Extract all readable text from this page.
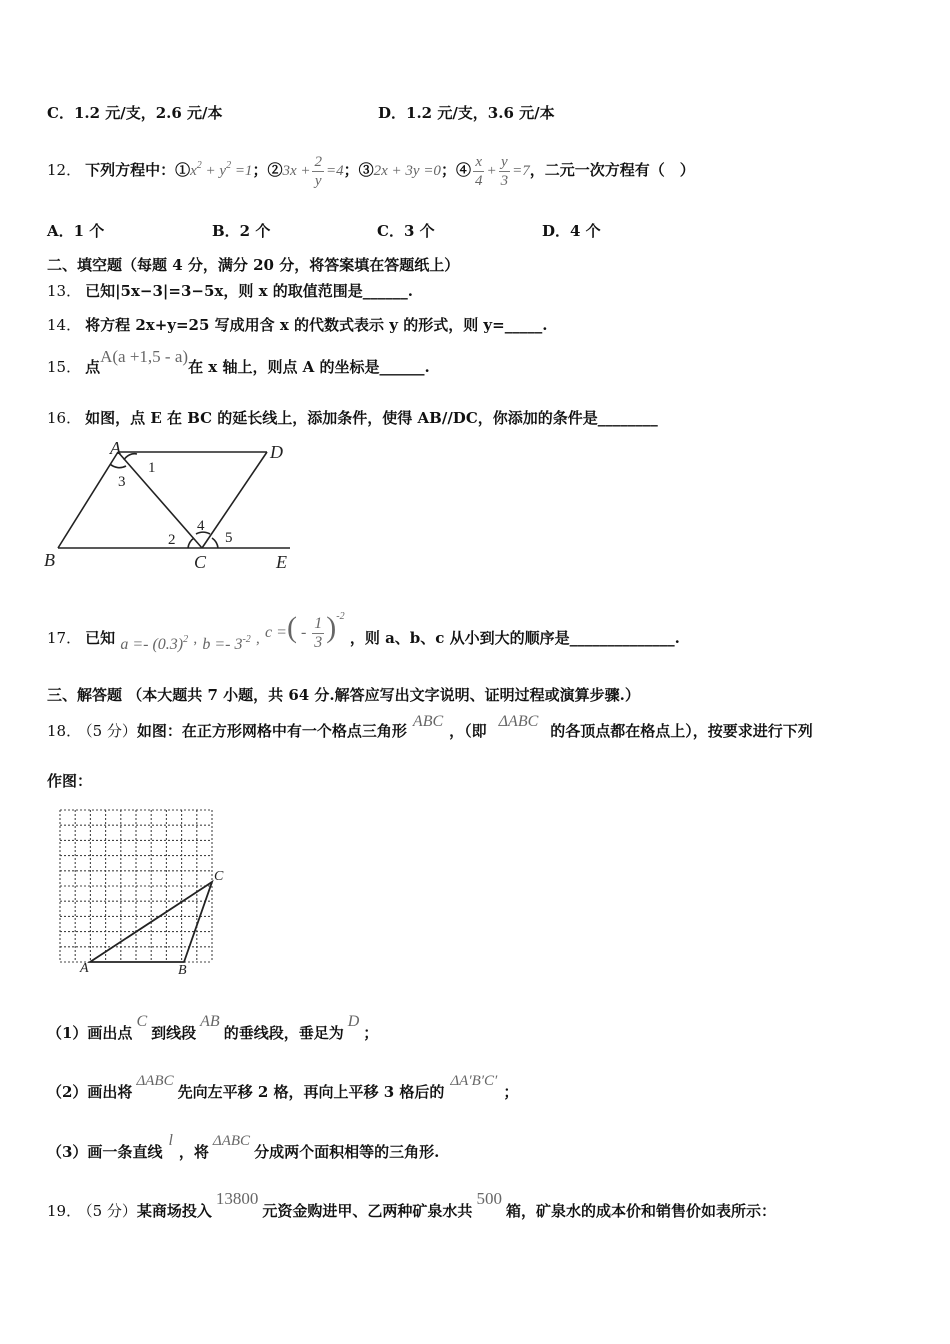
C．1.2 元/支，2.6 元/本	D．1.2 元/支，3.6 元/本
12． 下列方程中：$①x^2 + y^2 =1$；②3x + $\frac{2}{y} =4$；③2x + 3y =0；④ $\frac{x}{4} + \frac{y}{3} =7$，二元一次方程有（　）
A．1 个	B．2 个	C．3 个	D．4 个
二、填空题（每题 4 分，满分 20 分，将答案填在答题纸上）
13． 已知|5x−3|=3−5x，则 x 的取值范围是______.
14． 将方程 2x+y=25 写成用含 x 的代数式表示 y 的形式，则 y=_____.
15． 点A(a +1,5 - a)在 x 轴上，则点 A 的坐标是______.
16． 如图，点 E 在 BC 的延长线上，添加条件，使得 AB//DC，你添加的条件是________
A	D
B	C	E
1
2
3
4
5
17． 已知 $a =- (0.3)^2$ , $b =- 3^{-2}$ , c =( - $\frac{1}{3} )^{-2}$ ，则 a、b、c 从小到大的顺序是______________.
三、解答题 （本大题共 7 小题，共 64 分.解答应写出文字说明、证明过程或演算步骤.）
18． （5 分）如图：在正方形网格中有一个格点三角形ABC，（即ΔABC的各顶点都在格点上），按要求进行下列
作图：
A	B
C
（1）画出点C到线段AB的垂线段，垂足为D；
（2）画出将ΔABC先向左平移 2 格，再向上平移 3 格后的ΔA′B′C′；
（3）画一条直线l，将ΔABC分成两个面积相等的三角形.
19． （5 分）某商场投入13800元资金购进甲、乙两种矿泉水共500箱，矿泉水的成本价和销售价如表所示：
